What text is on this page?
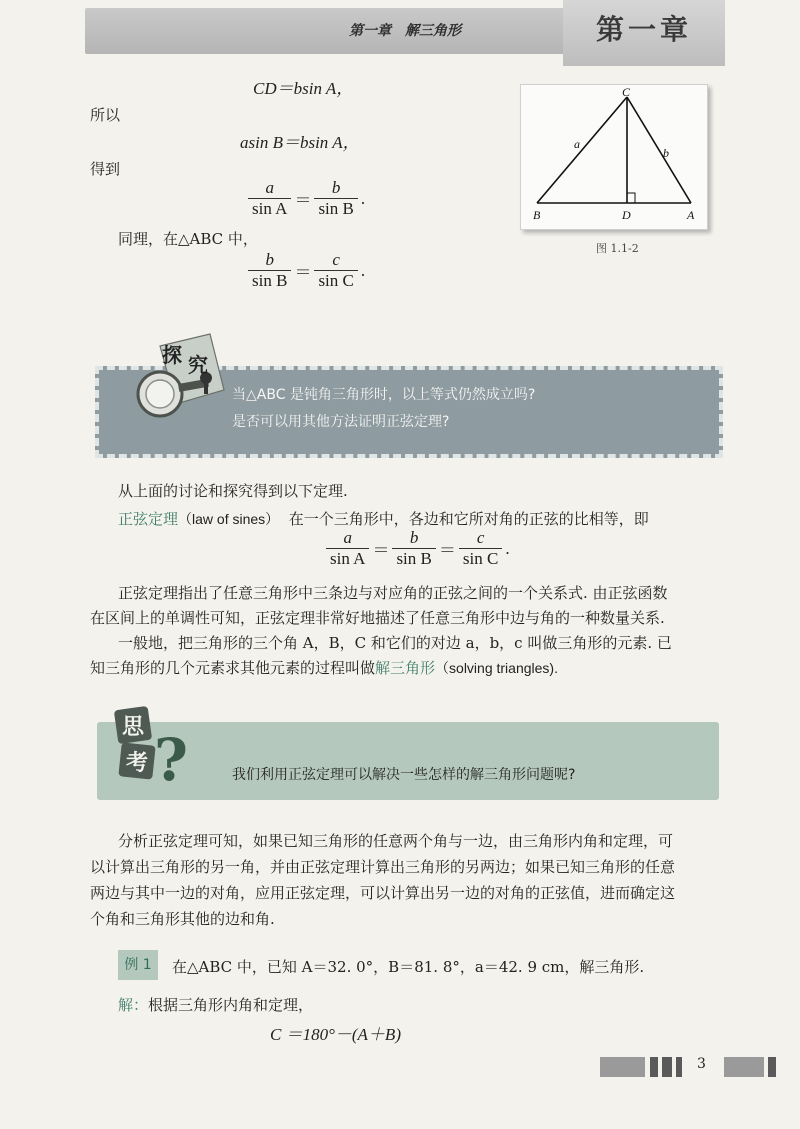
第一章　解三角形	第一章
CD＝bsin A，
所以
asin B＝bsin A，
得到
$\frac{a}{\text{sin A}} = \frac{b}{\text{sin B}}$ .
同理，在△ABC 中，
$\frac{b}{\text{sin B}} = \frac{c}{\text{sin C}}$ .
C
a
b
B	D	A
图 1.1-2
探 究
当△ABC 是钝角三角形时，以上等式仍然成立吗?
是否可以用其他方法证明正弦定理?
从上面的讨论和探究得到以下定理.
正弦定理（law of sines） 在一个三角形中，各边和它所对角的正弦的比相等，即
$\frac{a}{\text{sin A}} = \frac{b}{\text{sin B}} = \frac{c}{\text{sin C}}$ .
正弦定理指出了任意三角形中三条边与对应角的正弦之间的一个关系式. 由正弦函数
在区间上的单调性可知，正弦定理非常好地描述了任意三角形中边与角的一种数量关系.
一般地，把三角形的三个角 A，B，C 和它们的对边 a，b，c 叫做三角形的元素. 已
知三角形的几个元素求其他元素的过程叫做解三角形（solving triangles).
思
考 ?	我们利用正弦定理可以解决一些怎样的解三角形问题呢?
分析正弦定理可知，如果已知三角形的任意两个角与一边，由三角形内角和定理，可
以计算出三角形的另一角，并由正弦定理计算出三角形的另两边；如果已知三角形的任意
两边与其中一边的对角，应用正弦定理，可以计算出另一边的对角的正弦值，进而确定这
个角和三角形其他的边和角.
例 1	在△ABC 中，已知 A＝32. 0°，B＝81. 8°，a＝42. 9 cm，解三角形.
解：根据三角形内角和定理，
C ＝180°－(A＋B)
3
